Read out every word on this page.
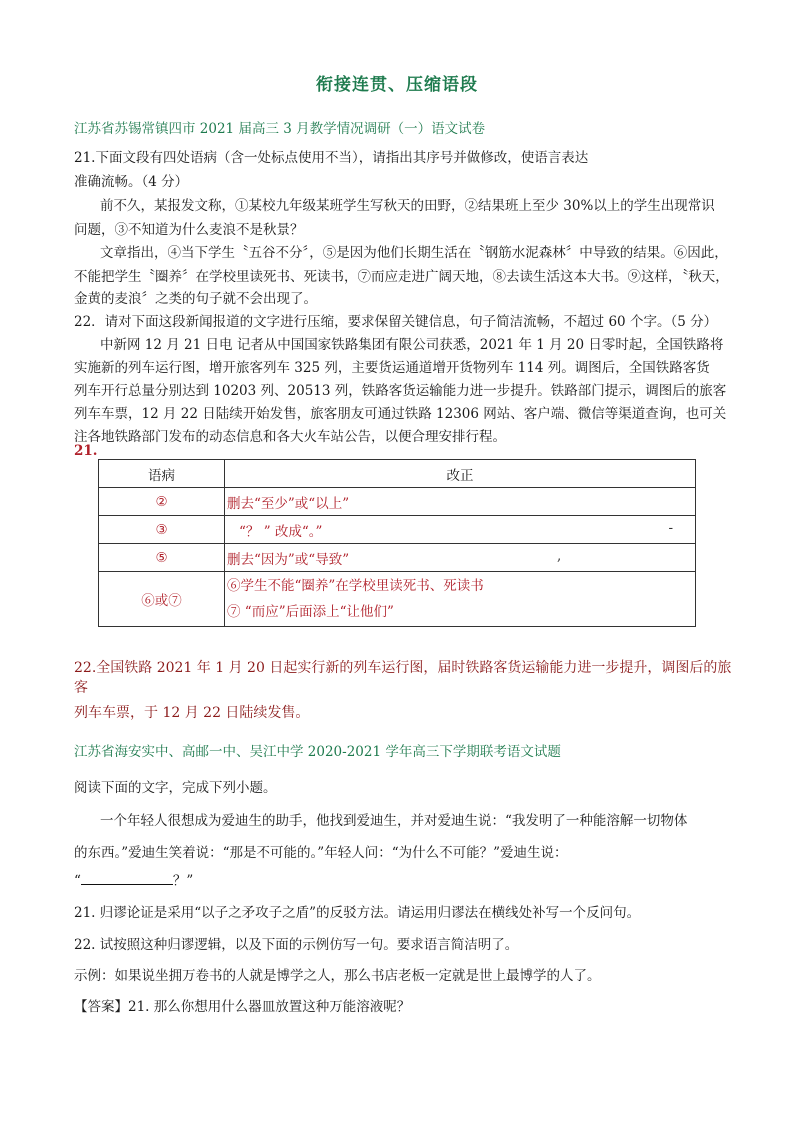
衔接连贯、压缩语段
江苏省苏锡常镇四市 2021 届高三 3 月教学情况调研（一）语文试卷
21.下面文段有四处语病（含一处标点使用不当），请指出其序号并做修改，使语言表达
准确流畅。（4 分）
前不久，某报发文称，①某校九年级某班学生写秋天的田野，②结果班上至少 30%以上的学生出现常识
问题，③不知道为什么麦浪不是秋景？
文章指出，④当下学生〝五谷不分〞，⑤是因为他们长期生活在〝钢筋水泥森林〞中导致的结果。⑥因此，
不能把学生〝圈养〞在学校里读死书、死读书，⑦而应走进广阔天地，⑧去读生活这本大书。⑨这样，〝秋天，
金黄的麦浪〞之类的句子就不会出现了。
22．请对下面这段新闻报道的文字进行压缩，要求保留关键信息，句子简洁流畅，不超过 60 个字。（5 分）
中新网 12 月 21 日电 记者从中国国家铁路集团有限公司获悉，2021 年 1 月 20 日零时起，全国铁路将
实施新的列车运行图，增开旅客列车 325 列，主要货运通道增开货物列车 114 列。调图后，全国铁路客货
列车开行总量分别达到 10203 列、20513 列，铁路客货运输能力进一步提升。铁路部门提示，调图后的旅客
列车车票，12 月 22 日陆续开始发售，旅客朋友可通过铁路 12306 网站、客户端、微信等渠道查询，也可关
注各地铁路部门发布的动态信息和各大火车站公告，以便合理安排行程。
21.
语病	改正
②	删去“至少”或“以上”
③	“？ ” 改成“。” -

⑤	删去“因为”或“导致” ,

⑥或⑦	⑥学生不能“圈养”在学校里读死书、死读书
⑦ “而应”后面添上“让他们”
22.全国铁路 2021 年 1 月 20 日起实行新的列车运行图，届时铁路客货运输能力进一步提升，调图后的旅客
列车车票，于 12 月 22 日陆续发售。
江苏省海安实中、高邮一中、吴江中学 2020-2021 学年高三下学期联考语文试题
阅读下面的文字，完成下列小题。
一个年轻人很想成为爱迪生的助手，他找到爱迪生，并对爱迪生说：“我发明了一种能溶解一切物体
的东西。”爱迪生笑着说：“那是不可能的。”年轻人问：“为什么不可能？”爱迪生说：
“	？”
21. 归谬论证是采用“以子之矛攻子之盾”的反驳方法。请运用归谬法在横线处补写一个反问句。
22. 试按照这种归谬逻辑，以及下面的示例仿写一句。要求语言简洁明了。
示例：如果说坐拥万卷书的人就是博学之人，那么书店老板一定就是世上最博学的人了。
【答案】21. 那么你想用什么器皿放置这种万能溶液呢？
